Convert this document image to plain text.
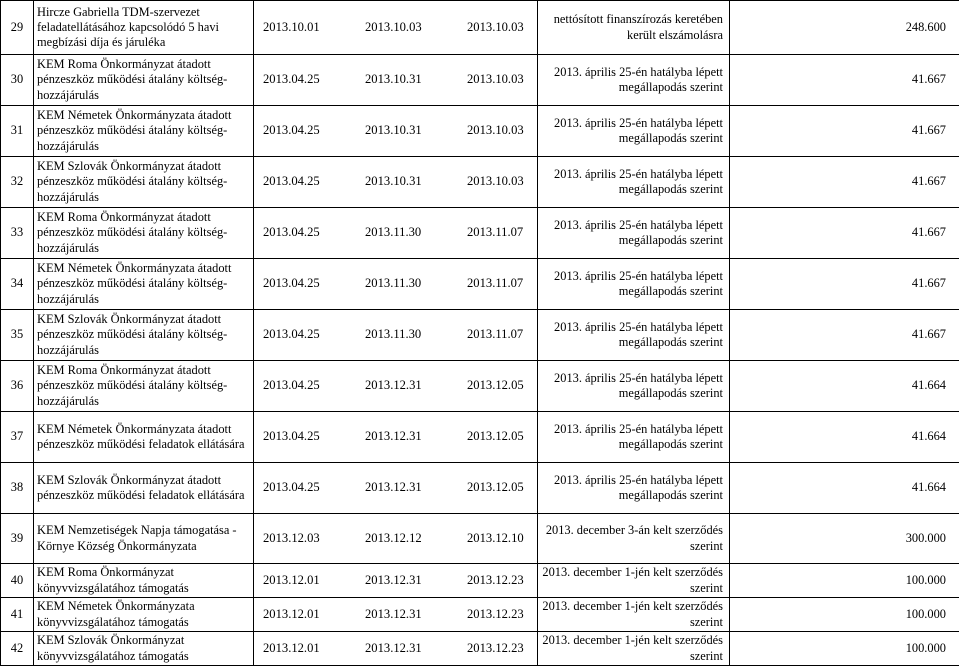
29	Hircze Gabriella TDM-szervezet feladatellátásához kapcsolódó 5 havi megbízási díja és járuléka	2013.10.01 2013.10.03 2013.10.03	nettósított finanszírozás keretében került elszámolásra	248.600
30	KEM Roma Önkormányzat átadott pénzeszköz működési átalány költség-hozzájárulás	2013.04.25 2013.10.31 2013.10.03	2013. április 25-én hatályba lépett megállapodás szerint	41.667
31	KEM Németek Önkormányzata átadott pénzeszköz működési átalány költség-hozzájárulás	2013.04.25 2013.10.31 2013.10.03	2013. április 25-én hatályba lépett megállapodás szerint	41.667
32	KEM Szlovák Önkormányzat átadott pénzeszköz működési átalány költség-hozzájárulás	2013.04.25 2013.10.31 2013.10.03	2013. április 25-én hatályba lépett megállapodás szerint	41.667
33	KEM Roma Önkormányzat átadott pénzeszköz működési átalány költség-hozzájárulás	2013.04.25 2013.11.30 2013.11.07	2013. április 25-én hatályba lépett megállapodás szerint	41.667
34	KEM Németek Önkormányzata átadott pénzeszköz működési átalány költség-hozzájárulás	2013.04.25 2013.11.30 2013.11.07	2013. április 25-én hatályba lépett megállapodás szerint	41.667
35	KEM Szlovák Önkormányzat átadott pénzeszköz működési átalány költség-hozzájárulás	2013.04.25 2013.11.30 2013.11.07	2013. április 25-én hatályba lépett megállapodás szerint	41.667
36	KEM Roma Önkormányzat átadott pénzeszköz működési átalány költség-hozzájárulás	2013.04.25 2013.12.31 2013.12.05	2013. április 25-én hatályba lépett megállapodás szerint	41.664
37	KEM Németek Önkormányzata átadott pénzeszköz működési feladatok ellátására	2013.04.25 2013.12.31 2013.12.05	2013. április 25-én hatályba lépett megállapodás szerint	41.664
38	KEM Szlovák Önkormányzat átadott pénzeszköz működési feladatok ellátására	2013.04.25 2013.12.31 2013.12.05	2013. április 25-én hatályba lépett megállapodás szerint	41.664
39	KEM Nemzetiségek Napja támogatása - Környe Község Önkormányzata	2013.12.03 2013.12.12 2013.12.10	2013. december 3-án kelt szerződés szerint	300.000
40	KEM Roma Önkormányzat könyvvizsgálatához támogatás	2013.12.01 2013.12.31 2013.12.23	2013. december 1-jén kelt szerződés szerint	100.000
41	KEM Németek Önkormányzata könyvvizsgálatához támogatás	2013.12.01 2013.12.31 2013.12.23	2013. december 1-jén kelt szerződés szerint	100.000
42	KEM Szlovák Önkormányzat könyvvizsgálatához támogatás	2013.12.01 2013.12.31 2013.12.23	2013. december 1-jén kelt szerződés szerint	100.000
